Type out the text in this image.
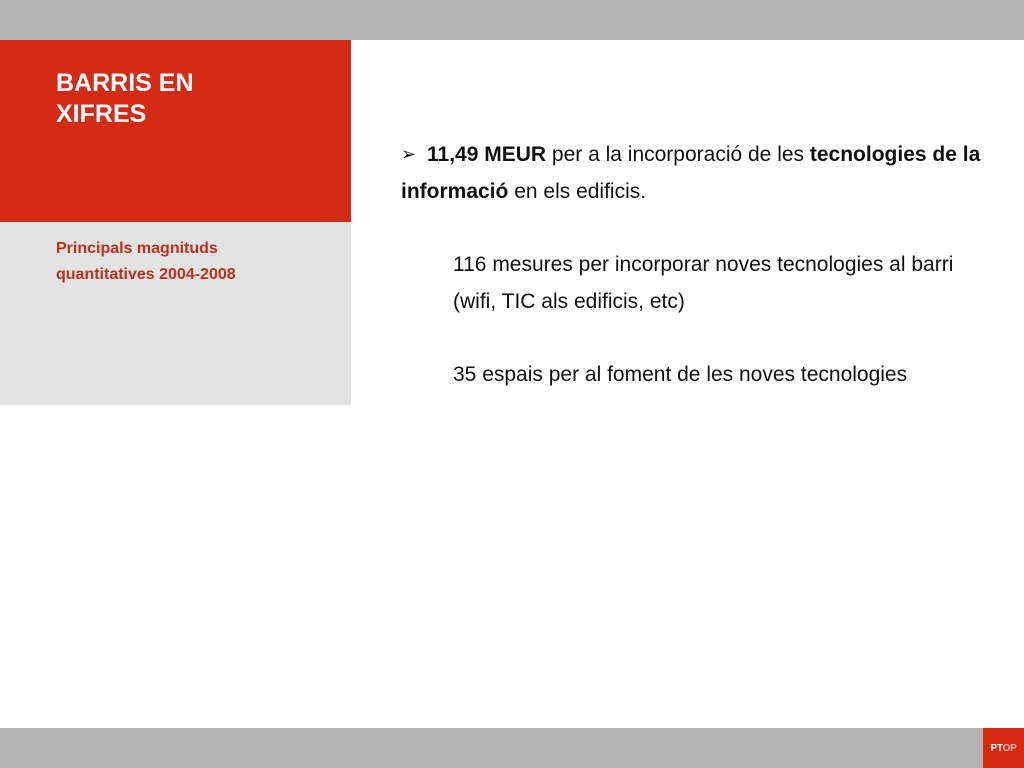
BARRIS EN XIFRES

Principals magnituds quantitatives 2004-2008

➢ 11,49 MEUR per a la incorporació de les tecnologies de la informació en els edificis.

116 mesures per incorporar noves tecnologies al barri (wifi, TIC als edificis, etc)

35 espais per al foment de les noves tecnologies

PT OP
